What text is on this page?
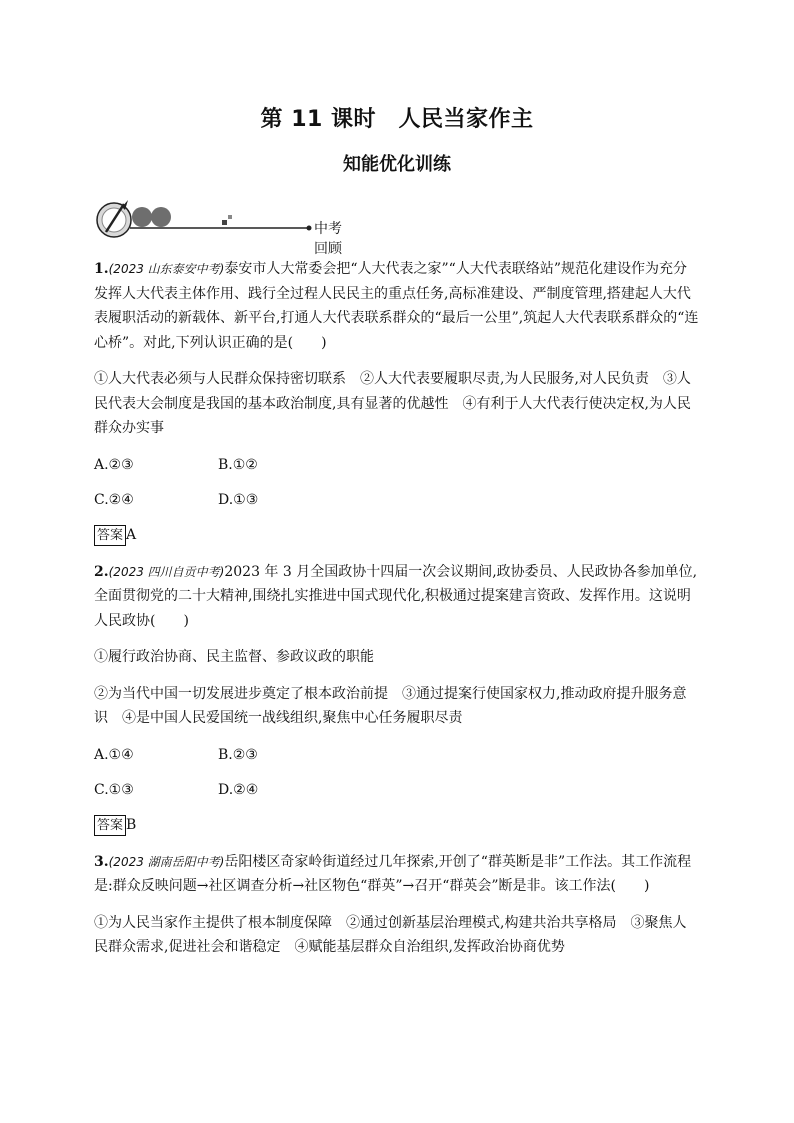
第 11 课时　人民当家作主
知能优化训练
中考回顾

1.(2023 山东泰安中考)泰安市人大常委会把“人大代表之家”“人大代表联络站”规范化建设作为充分发挥人大代表主体作用、践行全过程人民民主的重点任务,高标准建设、严制度管理,搭建起人大代表履职活动的新载体、新平台,打通人大代表联系群众的“最后一公里”,筑起人大代表联系群众的“连心桥”。对此,下列认识正确的是(　　)

①人大代表必须与人民群众保持密切联系　②人大代表要履职尽责,为人民服务,对人民负责　③人民代表大会制度是我国的基本政治制度,具有显著的优越性　④有利于人大代表行使决定权,为人民群众办实事

A.②③	B.①②
C.②④	D.①③
答案 A

2.(2023 四川自贡中考)2023 年 3 月全国政协十四届一次会议期间,政协委员、人民政协各参加单位,全面贯彻党的二十大精神,围绕扎实推进中国式现代化,积极通过提案建言资政、发挥作用。这说明人民政协(　　)

①履行政治协商、民主监督、参政议政的职能

②为当代中国一切发展进步奠定了根本政治前提　③通过提案行使国家权力,推动政府提升服务意识　④是中国人民爱国统一战线组织,聚焦中心任务履职尽责

A.①④	B.②③
C.①③	D.②④
答案 B

3.(2023 湖南岳阳中考)岳阳楼区奇家岭街道经过几年探索,开创了“群英断是非”工作法。其工作流程是:群众反映问题→社区调查分析→社区物色“群英”→召开“群英会”断是非。该工作法(　　)

①为人民当家作主提供了根本制度保障　②通过创新基层治理模式,构建共治共享格局　③聚焦人民群众需求,促进社会和谐稳定　④赋能基层群众自治组织,发挥政治协商优势
